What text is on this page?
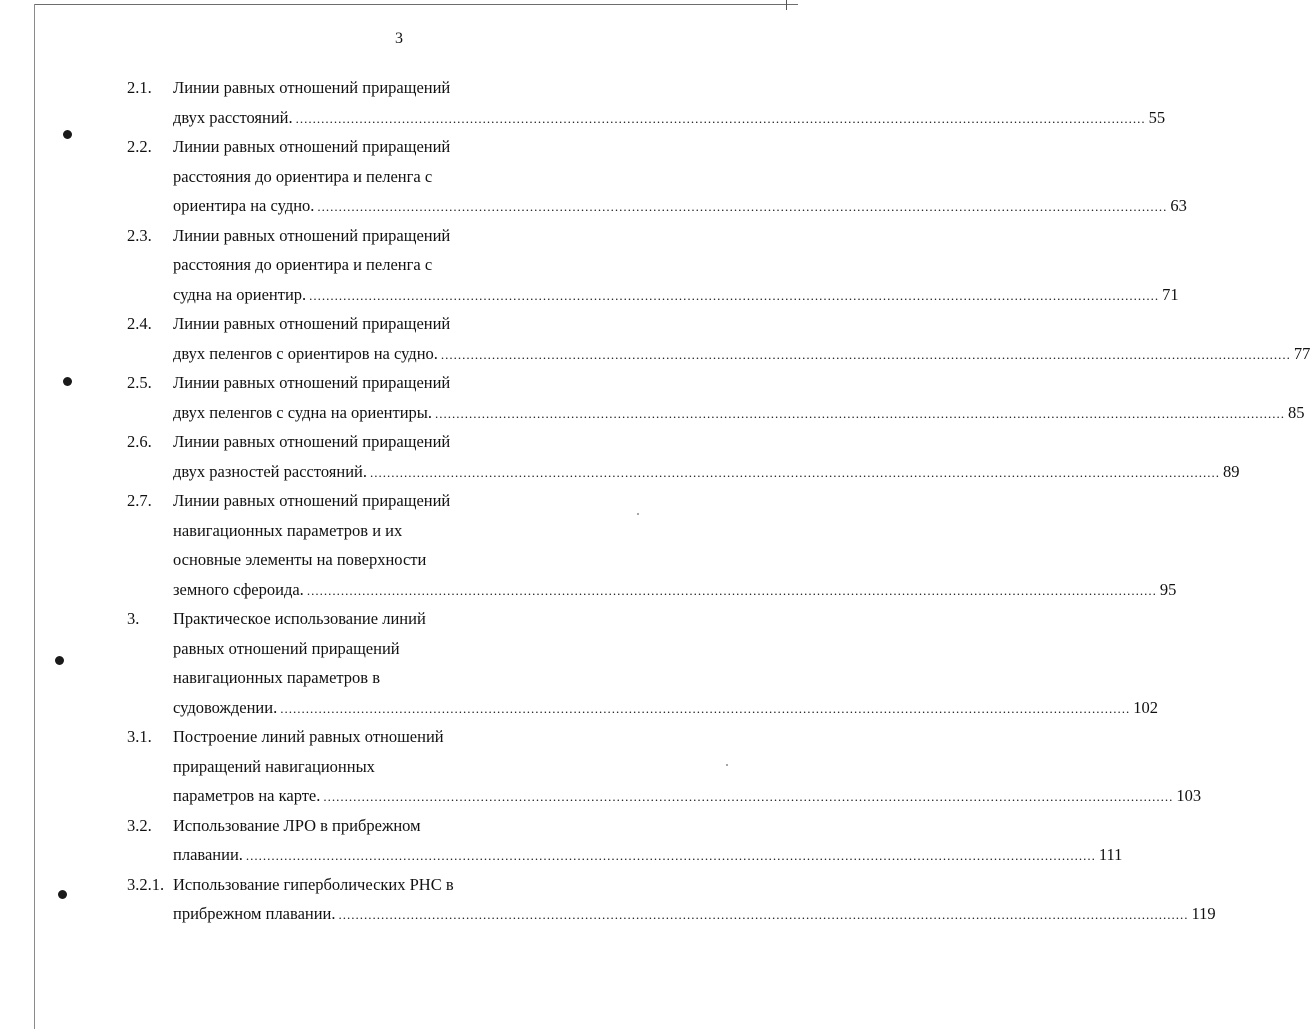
3
2.1. Линии равных отношений приращений
двух расстояний. ........................................................................................................................................................................................................ 55
2.2. Линии равных отношений приращений
расстояния до ориентира и пеленга с
ориентира на судно. ........................................................................................................................................................................................................ 63
2.3. Линии равных отношений приращений
расстояния до ориентира и пеленга с
судна на ориентир. ........................................................................................................................................................................................................ 71
2.4. Линии равных отношений приращений
двух пеленгов с ориентиров на судно. ........................................................................................................................................................................................................ 77
2.5. Линии равных отношений приращений
двух пеленгов с судна на ориентиры. ........................................................................................................................................................................................................ 85
2.6. Линии равных отношений приращений
двух разностей расстояний. ........................................................................................................................................................................................................ 89
2.7. Линии равных отношений приращений
навигационных параметров и их
основные элементы на поверхности
земного сфероида. ........................................................................................................................................................................................................ 95
3. Практическое использование линий
равных отношений приращений
навигационных параметров в
судовождении. ........................................................................................................................................................................................................ 102
3.1. Построение линий равных отношений
приращений навигационных
параметров на карте. ........................................................................................................................................................................................................ 103
3.2. Использование ЛРО в прибрежном
плавании. ........................................................................................................................................................................................................ 111
3.2.1. Использование гиперболических РНС в
прибрежном плавании. ........................................................................................................................................................................................................ 119
